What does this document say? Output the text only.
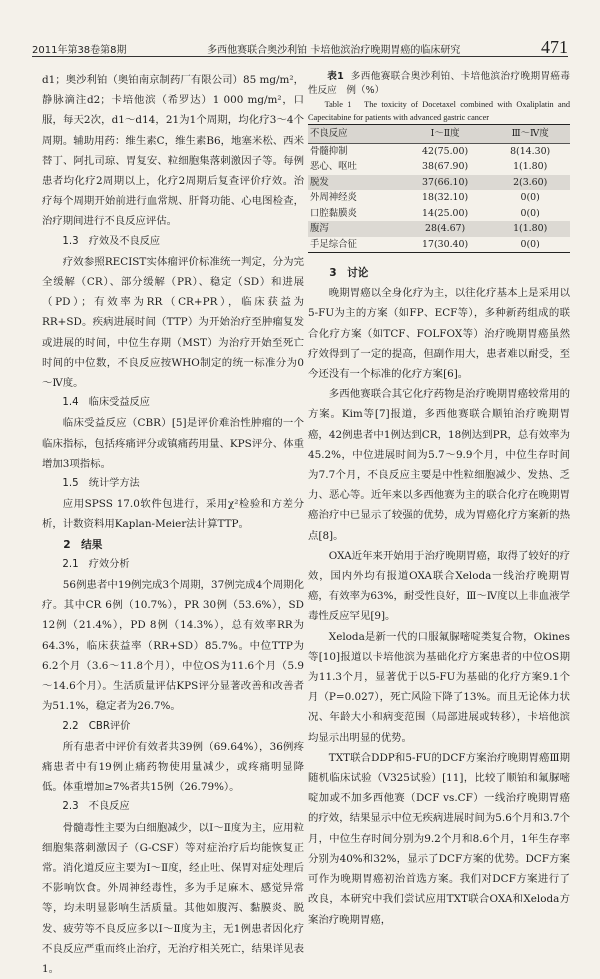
2011年第38卷第8期	多西他赛联合奥沙利铂 卡培他滨治疗晚期胃癌的临床研究	471

d1；奥沙利铂（奥铂南京制药厂有限公司）85 mg/m²，静脉滴注d2；卡培他滨（希罗达）1 000 mg/m²，口服，每天2次，d1～d14，21为1个周期，均化疗3～4个周期。辅助用药：维生素C，维生素B6，地塞米松、西米替丁、阿扎司琼、胃复安、粒细胞集落刺激因子等。每例患者均化疗2周期以上，化疗2周期后复查评价疗效。治疗每个周期开始前进行血常规、肝肾功能、心电图检查，治疗期间进行不良反应评估。

1.3　疗效及不良反应

疗效参照RECIST实体瘤评价标准统一判定，分为完全缓解（CR）、部分缓解（PR）、稳定（SD）和进展（PD）；有效率为RR（CR+PR），临床获益为RR+SD。疾病进展时间（TTP）为开始治疗至肿瘤复发或进展的时间，中位生存期（MST）为治疗开始至死亡时间的中位数，不良反应按WHO制定的统一标准分为0～Ⅳ度。

1.4　临床受益反应

临床受益反应（CBR）[5]是评价难治性肿瘤的一个临床指标，包括疼痛评分或镇痛药用量、KPS评分、体重增加3项指标。

1.5　统计学方法

应用SPSS 17.0软件包进行，采用χ²检验和方差分析，计数资料用Kaplan-Meier法计算TTP。

2　结果

2.1　疗效分析

56例患者中19例完成3个周期，37例完成4个周期化疗。其中CR 6例（10.7%），PR 30例（53.6%），SD 12例（21.4%），PD 8例（14.3%），总有效率RR为64.3%，临床获益率（RR+SD）85.7%。中位TTP为6.2个月（3.6～11.8个月），中位OS为11.6个月（5.9～14.6个月）。生活质量评估KPS评分显著改善和改善者为51.1%，稳定者为26.7%。

2.2　CBR评价

所有患者中评价有效者共39例（69.64%），36例疼痛患者中有19例止痛药物使用量减少，或疼痛明显降低。体重增加≥7%者共15例（26.79%）。

2.3　不良反应

骨髓毒性主要为白细胞减少，以Ⅰ～Ⅱ度为主，应用粒细胞集落刺激因子（G-CSF）等对症治疗后均能恢复正常。消化道反应主要为Ⅰ～Ⅱ度，经止吐、保胃对症处理后不影响饮食。外周神经毒性，多为手足麻木、感觉异常等，均未明显影响生活质量。其他如腹泻、黏膜炎、脱发、疲劳等不良反应多以Ⅰ～Ⅱ度为主，无1例患者因化疗不良反应严重而终止治疗，无治疗相关死亡，结果详见表1。

表1 多西他赛联合奥沙利铂、卡培他滨治疗晚期胃癌毒性反应　例（%）

Table 1　The toxicity of Docetaxel combined with Oxaliplatin and Capecitabine for patients with advanced gastric cancer

不良反应	Ⅰ～Ⅱ度	Ⅲ～Ⅳ度
骨髓抑制	42(75.00)	8(14.30)
恶心、呕吐	38(67.90)	1(1.80)
脱发	37(66.10)	2(3.60)
外周神经炎	18(32.10)	0(0)
口腔黏膜炎	14(25.00)	0(0)
腹泻	28(4.67)	1(1.80)
手足综合征	17(30.40)	0(0)

3　讨论

晚期胃癌以全身化疗为主，以往化疗基本上是采用以5-FU为主的方案（如FP、ECF等），多种新药组成的联合化疗方案（如TCF、FOLFOX等）治疗晚期胃癌虽然疗效得到了一定的提高，但副作用大，患者难以耐受，至今还没有一个标准的化疗方案[6]。

多西他赛联合其它化疗药物是治疗晚期胃癌较常用的方案。Kim等[7]报道，多西他赛联合顺铂治疗晚期胃癌，42例患者中1例达到CR，18例达到PR，总有效率为45.2%，中位进展时间为5.7～9.9个月，中位生存时间为7.7个月，不良反应主要是中性粒细胞减少、发热、乏力、恶心等。近年来以多西他赛为主的联合化疗在晚期胃癌治疗中已显示了较强的优势，成为胃癌化疗方案新的热点[8]。

OXA近年来开始用于治疗晚期胃癌，取得了较好的疗效，国内外均有报道OXA联合Xeloda一线治疗晚期胃癌，有效率为63%，耐受性良好，Ⅲ～Ⅳ度以上非血液学毒性反应罕见[9]。

Xeloda是新一代的口服氟脲嘧啶类复合物，Okines等[10]报道以卡培他滨为基础化疗方案患者的中位OS期为11.3个月，显著优于以5-FU为基础的化疗方案9.1个月（P=0.027），死亡风险下降了13%。而且无论体力状况、年龄大小和病变范围（局部进展或转移），卡培他滨均显示出明显的优势。

TXT联合DDP和5-FU的DCF方案治疗晚期胃癌Ⅲ期随机临床试验（V325试验）[11]，比较了顺铂和氟脲嘧啶加或不加多西他赛（DCF vs.CF）一线治疗晚期胃癌的疗效，结果显示中位无疾病进展时间为5.6个月和3.7个月，中位生存时间分别为9.2个月和8.6个月，1年生存率分别为40%和32%，显示了DCF方案的优势。DCF方案可作为晚期胃癌初治首选方案。我们对DCF方案进行了改良，本研究中我们尝试应用TXT联合OXA和Xeloda方案治疗晚期胃癌，
